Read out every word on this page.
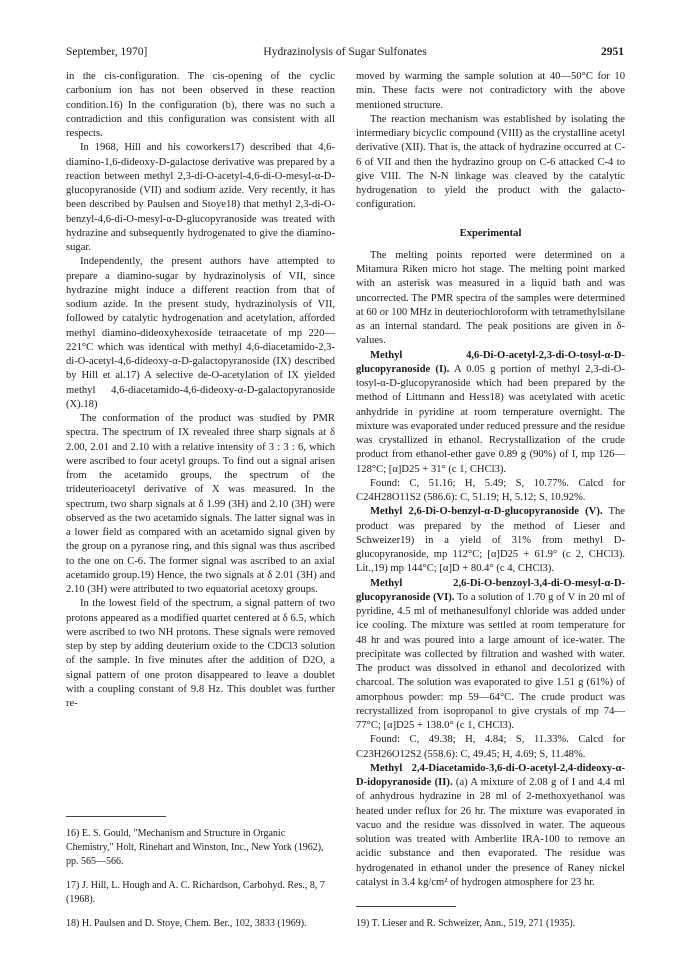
September, 1970]	Hydrazinolysis of Sugar Sulfonates	2951

in the cis-configuration. The cis-opening of the cyclic carbonium ion has not been observed in these reaction condition.16) In the configuration (b), there was no such a contradiction and this configuration was consistent with all respects.

In 1968, Hill and his coworkers17) described that 4,6-diamino-1,6-dideoxy-D-galactose derivative was prepared by a reaction between methyl 2,3-di-O-acetyl-4,6-di-O-mesyl-α-D-glucopyranoside (VII) and sodium azide. Very recently, it has been described by Paulsen and Stoye18) that methyl 2,3-di-O-benzyl-4,6-di-O-mesyl-α-D-glucopyranoside was treated with hydrazine and subsequently hydrogenated to give the diamino-sugar.

Independently, the present authors have attempted to prepare a diamino-sugar by hydrazinolysis of VII, since hydrazine might induce a different reaction from that of sodium azide. In the present study, hydrazinolysis of VII, followed by catalytic hydrogenation and acetylation, afforded methyl diamino-dideoxyhexoside tetraacetate of mp 220—221°C which was identical with methyl 4,6-diacetamido-2,3-di-O-acetyl-4,6-dideoxy-α-D-galactopyranoside (IX) described by Hill et al.17) A selective de-O-acetylation of IX yielded methyl 4,6-diacetamido-4,6-dideoxy-α-D-galactopyranoside (X).18)

The conformation of the product was studied by PMR spectra. The spectrum of IX revealed three sharp signals at δ 2.00, 2.01 and 2.10 with a relative intensity of 3 : 3 : 6, which were ascribed to four acetyl groups. To find out a signal arisen from the acetamido groups, the spectrum of the trideuterioacetyl derivative of X was measured. In the spectrum, two sharp signals at δ 1.99 (3H) and 2.10 (3H) were observed as the two acetamido signals. The latter signal was in a lower field as compared with an acetamido signal given by the group on a pyranose ring, and this signal was thus ascribed to the one on C-6. The former signal was ascribed to an axial acetamido group.19) Hence, the two signals at δ 2.01 (3H) and 2.10 (3H) were attributed to two equatorial acetoxy groups.

In the lowest field of the spectrum, a signal pattern of two protons appeared as a modified quartet centered at δ 6.5, which were ascribed to two NH protons. These signals were removed step by step by adding deuterium oxide to the CDCl3 solution of the sample. In five minutes after the addition of D2O, a signal pattern of one proton disappeared to leave a doublet with a coupling constant of 9.8 Hz. This doublet was further re-

moved by warming the sample solution at 40—50°C for 10 min. These facts were not contradictory with the above mentioned structure.

The reaction mechanism was established by isolating the intermediary bicyclic compound (VIII) as the crystalline acetyl derivative (XII). That is, the attack of hydrazine occurred at C-6 of VII and then the hydrazino group on C-6 attacked C-4 to give VIII. The N-N linkage was cleaved by the catalytic hydrogenation to yield the product with the galacto-configuration.

Experimental

The melting points reported were determined on a Mitamura Riken micro hot stage. The melting point marked with an asterisk was measured in a liquid bath and was uncorrected. The PMR spectra of the samples were determined at 60 or 100 MHz in deuteriochloroform with tetramethylsilane as an internal standard. The peak positions are given in δ-values.

Methyl 4,6-Di-O-acetyl-2,3-di-O-tosyl-α-D-glucopyranoside (I). A 0.05 g portion of methyl 2,3-di-O-tosyl-α-D-glucopyranoside which had been prepared by the method of Littmann and Hess18) was acetylated with acetic anhydride in pyridine at room temperature overnight. The mixture was evaporated under reduced pressure and the residue was crystallized in ethanol. Recrystallization of the crude product from ethanol-ether gave 0.89 g (90%) of I, mp 126—128°C; [α]D25 + 31° (c 1, CHCl3).

Found: C, 51.16; H, 5.49; S, 10.77%. Calcd for C24H28O11S2 (586.6): C, 51.19; H, 5.12; S, 10.92%.

Methyl 2,6-Di-O-benzyl-α-D-glucopyranoside (V). The product was prepared by the method of Lieser and Schweizer19) in a yield of 31% from methyl D-glucopyranoside, mp 112°C; [α]D25 + 61.9° (c 2, CHCl3). Lit.,19) mp 144°C; [α]D + 80.4° (c 4, CHCl3).

Methyl 2,6-Di-O-benzoyl-3,4-di-O-mesyl-α-D-glucopyranoside (VI). To a solution of 1.70 g of V in 20 ml of pyridine, 4.5 ml of methanesulfonyl chloride was added under ice cooling. The mixture was settled at room temperature for 48 hr and was poured into a large amount of ice-water. The precipitate was collected by filtration and washed with water. The product was dissolved in ethanol and decolorized with charcoal. The solution was evaporated to give 1.51 g (61%) of amorphous powder: mp 59—64°C. The crude product was recrystallized from isopropanol to give crystals of mp 74—77°C; [α]D25 + 138.0° (c 1, CHCl3).

Found: C, 49.38; H, 4.84; S, 11.33%. Calcd for C23H26O12S2 (558.6): C, 49.45; H, 4.69; S, 11.48%.

Methyl 2,4-Diacetamido-3,6-di-O-acetyl-2,4-dideoxy-α-D-idopyranoside (II). (a) A mixture of 2.08 g of I and 4.4 ml of anhydrous hydrazine in 28 ml of 2-methoxyethanol was heated under reflux for 26 hr. The mixture was evaporated in vacuo and the residue was dissolved in water. The aqueous solution was treated with Amberlite IRA-100 to remove an acidic substance and then evaporated. The residue was hydrogenated in ethanol under the presence of Raney nickel catalyst in 3.4 kg/cm² of hydrogen atmosphere for 23 hr.

16) E. S. Gould, "Mechanism and Structure in Organic Chemistry," Holt, Rinehart and Winston, Inc., New York (1962), pp. 565—566.

17) J. Hill, L. Hough and A. C. Richardson, Carbohyd. Res., 8, 7 (1968).

18) H. Paulsen and D. Stoye, Chem. Ber., 102, 3833 (1969).	19) T. Lieser and R. Schweizer, Ann., 519, 271 (1935).
